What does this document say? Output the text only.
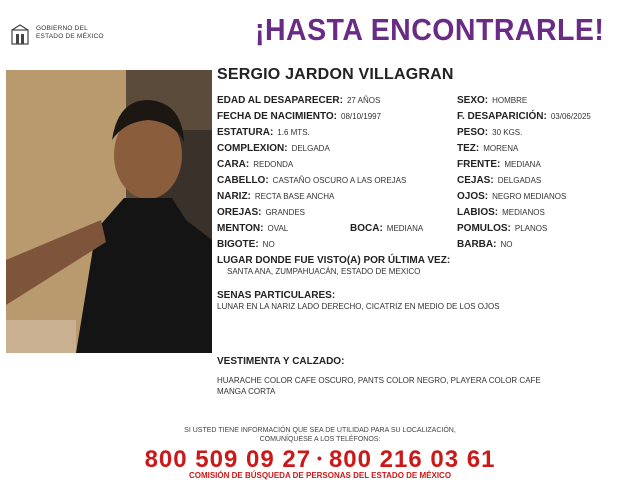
GOBIERNO DEL
ESTADO DE MÉXICO	¡HASTA ENCONTRARLE!
SERGIO JARDON VILLAGRAN
EDAD AL DESAPARECER: 27 AÑOS
FECHA DE NACIMIENTO: 08/10/1997
ESTATURA: 1.6 MTS.
COMPLEXION: DELGADA
CARA: REDONDA
CABELLO: CASTAÑO OSCURO A LAS OREJAS
NARIZ: RECTA BASE ANCHA
OREJAS: GRANDES
MENTON: OVAL	BOCA: MEDIANA
BIGOTE: NO
SEXO: HOMBRE
F. DESAPARICIÓN: 03/06/2025
PESO: 30 KGS.
TEZ: MORENA
FRENTE: MEDIANA
CEJAS: DELGADAS
OJOS: NEGRO MEDIANOS
LABIOS: MEDIANOS
POMULOS: PLANOS
BARBA: NO
LUGAR DONDE FUE VISTO(A) POR ÚLTIMA VEZ:
SANTA ANA, ZUMPAHUACÁN, ESTADO DE MEXICO
SENAS PARTICULARES:
LUNAR EN LA NARIZ LADO DERECHO, CICATRIZ EN MEDIO DE LOS OJOS
VESTIMENTA Y CALZADO:
HUARACHE COLOR CAFE OSCURO, PANTS COLOR NEGRO, PLAYERA COLOR CAFE
MANGA CORTA
SI USTED TIENE INFORMACIÓN QUE SEA DE UTILIDAD PARA SU LOCALIZACIÓN,
COMUNÍQUESE A LOS TELÉFONOS:
800 509 09 27 • 800 216 03 61
COMISIÓN DE BÚSQUEDA DE PERSONAS DEL ESTADO DE MÉXICO
